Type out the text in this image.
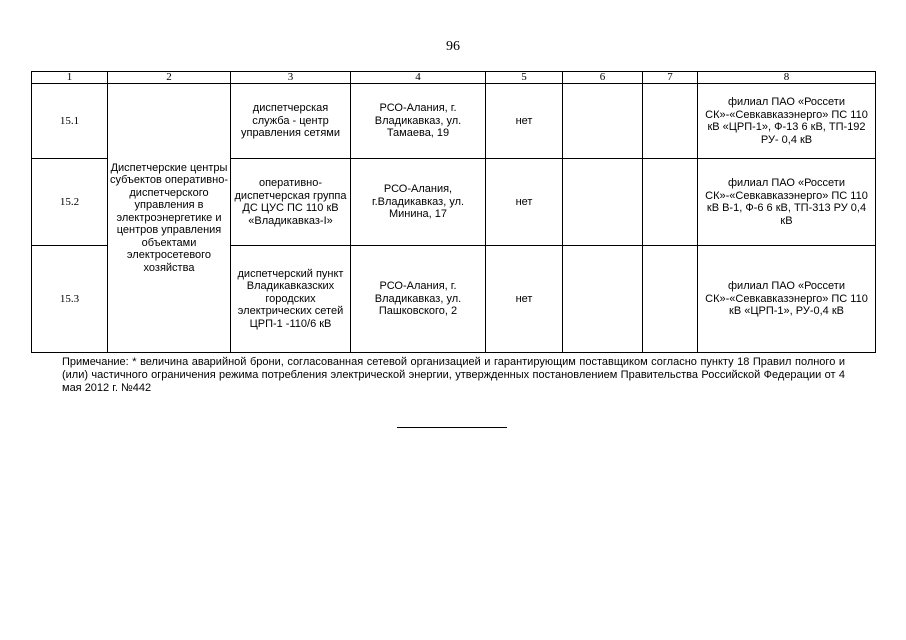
96
1	2	3	4	5	6	7	8
15.1	Диспетчерские центры субъектов оперативно-диспетчерского управления в электроэнергетике и центров управления объектами электросетевого хозяйства	диспетчерская служба - центр управления сетями	РСО-Алания, г. Владикавказ, ул. Тамаева, 19	нет			филиал ПАО «Россети СК»-«Севкавказэнерго» ПС 110 кВ «ЦРП-1», Ф-13 6 кВ, ТП-192 РУ- 0,4 кВ
15.2		оперативно-диспетчерская группа ДС ЦУС ПС 110 кВ «Владикавказ-I»	РСО-Алания, г.Владикавказ, ул. Минина, 17	нет			филиал ПАО «Россети СК»-«Севкавказэнерго» ПС 110 кВ В-1, Ф-6 6 кВ, ТП-313 РУ 0,4 кВ
15.3		диспетчерский пункт Владикавказских городских электрических сетей ЦРП-1 -110/6 кВ	РСО-Алания, г. Владикавказ, ул. Пашковского, 2	нет			филиал ПАО «Россети СК»-«Севкавказэнерго» ПС 110 кВ «ЦРП-1», РУ-0,4 кВ
Примечание: * величина аварийной брони, согласованная сетевой организацией и гарантирующим поставщиком согласно пункту 18 Правил полного и (или) частичного ограничения режима потребления электрической энергии, утвержденных постановлением Правительства Российской Федерации от 4 мая 2012 г. №442
